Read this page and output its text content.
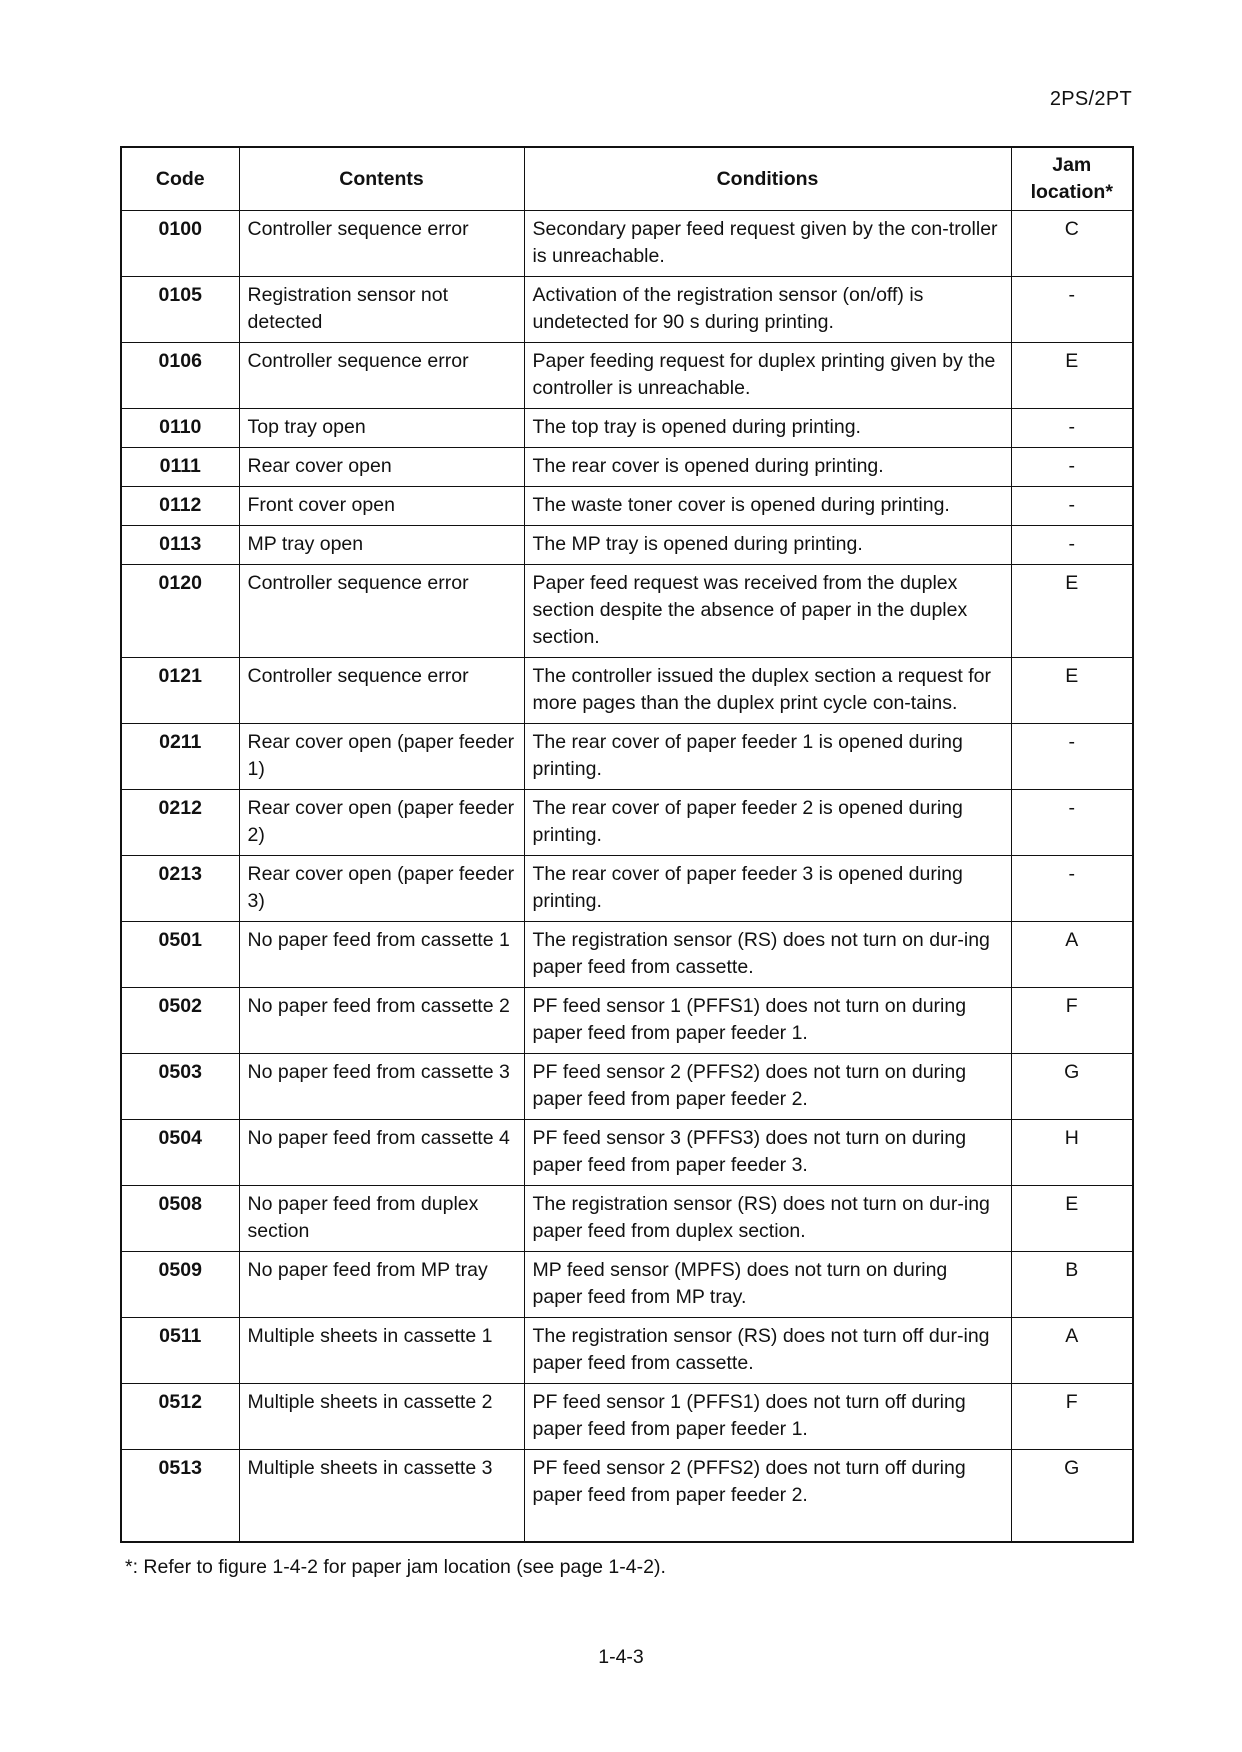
2PS/2PT
Code	Contents	Conditions	Jam location*
0100	Controller sequence error	Secondary paper feed request given by the con-troller is unreachable.	C
0105	Registration sensor not detected	Activation of the registration sensor (on/off) is undetected for 90 s during printing.	-
0106	Controller sequence error	Paper feeding request for duplex printing given by the controller is unreachable.	E
0110	Top tray open	The top tray is opened during printing.	-
0111	Rear cover open	The rear cover is opened during printing.	-
0112	Front cover open	The waste toner cover is opened during printing.	-
0113	MP tray open	The MP tray is opened during printing.	-
0120	Controller sequence error	Paper feed request was received from the duplex section despite the absence of paper in the duplex section.	E
0121	Controller sequence error	The controller issued the duplex section a request for more pages than the duplex print cycle con-tains.	E
0211	Rear cover open (paper feeder 1)	The rear cover of paper feeder 1 is opened during printing.	-
0212	Rear cover open (paper feeder 2)	The rear cover of paper feeder 2 is opened during printing.	-
0213	Rear cover open (paper feeder 3)	The rear cover of paper feeder 3 is opened during printing.	-
0501	No paper feed from cassette 1	The registration sensor (RS) does not turn on dur-ing paper feed from cassette.	A
0502	No paper feed from cassette 2	PF feed sensor 1 (PFFS1) does not turn on during paper feed from paper feeder 1.	F
0503	No paper feed from cassette 3	PF feed sensor 2 (PFFS2) does not turn on during paper feed from paper feeder 2.	G
0504	No paper feed from cassette 4	PF feed sensor 3 (PFFS3) does not turn on during paper feed from paper feeder 3.	H
0508	No paper feed from duplex section	The registration sensor (RS) does not turn on dur-ing paper feed from duplex section.	E
0509	No paper feed from MP tray	MP feed sensor (MPFS) does not turn on during paper feed from MP tray.	B
0511	Multiple sheets in cassette 1	The registration sensor (RS) does not turn off dur-ing paper feed from cassette.	A
0512	Multiple sheets in cassette 2	PF feed sensor 1 (PFFS1) does not turn off during paper feed from paper feeder 1.	F
0513	Multiple sheets in cassette 3	PF feed sensor 2 (PFFS2) does not turn off during paper feed from paper feeder 2.	G
*: Refer to figure 1-4-2 for paper jam location (see page 1-4-2).
1-4-3
